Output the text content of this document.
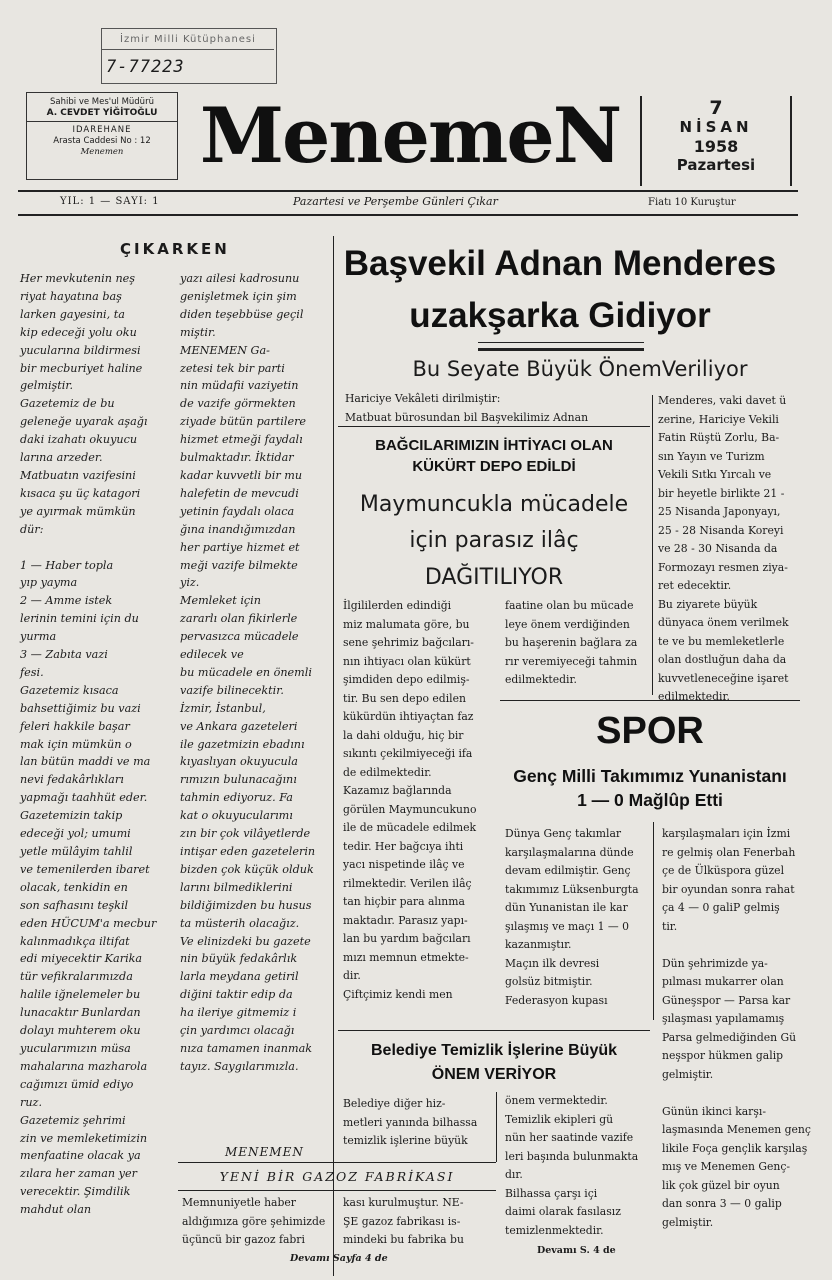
İzmir Milli Kütüphanesi
7-77223
Sahibi ve Mes'ul Müdürü
A. CEVDET YİĞİTOĞLU
IDAREHANE
Arasta Caddesi No : 12
Menemen	MenemeN	7
NİSAN
1958
Pazartesi
YIL: 1 — SAYI: 1	Pazartesi ve Perşembe Günleri Çıkar	Fiatı 10 Kuruştur
ÇIKARKEN

Her mevkutenin neş

riyat hayatına baş

larken gayesini, ta

kip edeceği yolu oku

yucularına bildirmesi

bir mecburiyet haline

gelmiştir.

Gazetemiz de bu

geleneğe uyarak aşağı

daki izahatı okuyucu

larına arzeder.

Matbuatın vazifesini

kısaca şu üç katagori

ye ayırmak mümkün

dür:

1 — Haber topla

yıp yayma

2 — Amme istek

lerinin temini için du

yurma

3 — Zabıta vazi

fesi.

Gazetemiz kısaca

bahsettiğimiz bu vazi

feleri hakkile başar

mak için mümkün o

lan bütün maddi ve ma

nevi fedakârlıkları

yapmağı taahhüt eder.

Gazetemizin takip

edeceği yol; umumi

yetle mülâyim tahlil

ve temenilerden ibaret

olacak, tenkidin en

son safhasını teşkil

eden HÜCUM'a mecbur

kalınmadıkça iltifat

edi miyecektir Karika

tür vefikralarımızda

halile iğnelemeler bu

lunacaktır Bunlardan

dolayı muhterem oku

yucularımızın müsa

mahalarına mazharola

cağımızı ümid ediyo

ruz.

Gazetemiz şehrimi

zin ve memleketimizin

menfaatine olacak ya

zılara her zaman yer

verecektir. Şimdilik

mahdut olan

yazı ailesi kadrosunu

genişletmek için şim

diden teşebbüse geçil

miştir.

MENEMEN Ga-

zetesi tek bir parti

nin müdafii vaziyetin

de vazife görmekten

ziyade bütün partilere

hizmet etmeği faydalı

bulmaktadır. İktidar

kadar kuvvetli bir mu

halefetin de mevcudi

yetinin faydalı olaca

ğına inandığımızdan

her partiye hizmet et

meği vazife bilmekte

yiz.

Memleket için

zararlı olan fikirlerle

pervasızca mücadele

edilecek ve

bu mücadele en önemli

vazife bilinecektir.

İzmir, İstanbul,

ve Ankara gazeteleri

ile gazetmizin ebadını

kıyaslıyan okuyucula

rımızın bulunacağını

tahmin ediyoruz. Fa

kat o okuyucularımı

zın bir çok vilâyetlerde

intişar eden gazetelerin

bizden çok küçük olduk

larını bilmediklerini

bildiğimizden bu husus

ta müsterih olacağız.

Ve elinizdeki bu gazete

nin büyük fedakârlık

larla meydana getiril

diğini taktir edip da

ha ileriye gitmemiz i

çin yardımcı olacağı

nıza tamamen inanmak

tayız. Saygılarımızla.

MENEMEN
Başvekil Adnan Menderes
uzakşarka Gidiyor
Bu Seyate Büyük ÖnemVeriliyor

Hariciye Vekâleti dirilmiştir:

Matbuat bürosundan bil Başvekilimiz Adnan

Menderes, vaki davet ü

zerine, Hariciye Vekili

Fatin Rüştü Zorlu, Ba-

sın Yayın ve Turizm

Vekili Sıtkı Yırcalı ve

bir heyetle birlikte 21 -

25 Nisanda Japonyayı,

25 - 28 Nisanda Koreyi

ve 28 - 30 Nisanda da

Formozayı resmen ziya-

ret edecektir.

Bu ziyarete büyük

dünyaca önem verilmek

te ve bu memleketlerle

olan dostluğun daha da

kuvvetleneceğine işaret

edilmektedir.

BAĞCILARIMIZIN İHTİYACI OLAN
KÜKÜRT DEPO EDİLDİ
Maymuncukla mücadele
için parasız ilâç
DAĞITILIYOR

İlgililerden edindiği

miz malumata göre, bu

sene şehrimiz bağcıları-

nın ihtiyacı olan kükürt

şimdiden depo edilmiş-

tir. Bu sen depo edilen

kükürdün ihtiyaçtan faz

la dahi olduğu, hiç bir

sıkıntı çekilmiyeceği ifa

de edilmektedir.

Kazamız bağlarında

görülen Maymuncukuno

ile de mücadele edilmek

tedir. Her bağcıya ihti

yacı nispetinde ilâç ve

rilmektedir. Verilen ilâç

tan hiçbir para alınma

maktadır. Parasız yapı-

lan bu yardım bağcıları

mızı memnun etmekte-

dir.

Çiftçimiz kendi men

faatine olan bu mücade

leye önem verdiğinden

bu haşerenin bağlara za

rır veremiyeceği tahmin

edilmektedir.

SPOR
Genç Milli Takımımız Yunanistanı
1 — 0 Mağlûp Etti

Dünya Genç takımlar

karşılaşmalarına dünde

devam edilmiştir. Genç

takımımız Lüksenburgta

dün Yunanistan ile kar

şılaşmış ve maçı 1 — 0

kazanmıştır.

Maçın ilk devresi

golsüz bitmiştir.

Federasyon kupası

karşılaşmaları için İzmi

re gelmiş olan Fenerbah

çe de Ülküspora güzel

bir oyundan sonra rahat

ça 4 — 0 galiP gelmiş

tir.

Dün şehrimizde ya-

pılması mukarrer olan

Güneşspor — Parsa kar

şılaşması yapılamamış

Parsa gelmediğinden Gü

neşspor hükmen galip

gelmiştir.

Günün ikinci karşı-

laşmasında Menemen genç

likile Foça gençlik karşılaş

mış ve Menemen Genç-

lik çok güzel bir oyun

dan sonra 3 — 0 galip

gelmiştir.

Devamı S. 4 de
Belediye Temizlik İşlerine Büyük
ÖNEM VERİYOR

Belediye diğer hiz-

metleri yanında bilhassa

temizlik işlerine büyük

önem vermektedir.

Temizlik ekipleri gü

nün her saatinde vazife

leri başında bulunmakta

dır.

Bilhassa çarşı içi

daimi olarak fasılasız

temizlenmektedir.

YENİ BİR GAZOZ FABRİKASI

Memnuniyetle haber

aldığımıza göre şehimizde

üçüncü bir gazoz fabri

kası kurulmuştur. NE-

ŞE gazoz fabrikası is-

mindeki bu fabrika bu

Devamı Sayfa 4 de
